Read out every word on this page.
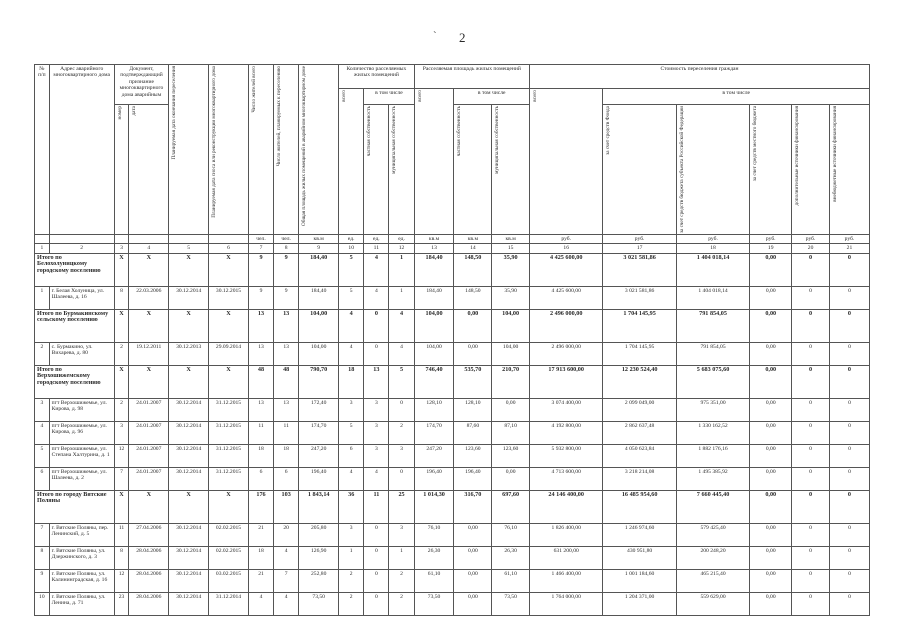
` 2
№ п/п	Адрес аварийного многоквартирного дома	Документ, подтверждающий признание многоквартирного дома аварийным		Планируемая дата окончания переселения	Планируемая дата сноса или реконструкции многоквартирного дома	Число жителей всего	Число жителей, планируемых к переселению	Общая площадь жилых помещений в аварийном многоквартирном доме	Количество расселяемых жилых помещений			Расселяемая площадь жилых помещений			Стоимость переселения граждан					

									всего	в том числе		всего	в том числе		всего	в том числе				

		номер	дата							частная собственность	муниципальная собственность		частная собственность	муниципальная собственность		за счет средств Фонда	за счет средств бюджета субъекта Российской Федерации	за счет средств местного бюджета	дополнительные источники финансирования	внебюджетные источники финансирования

						чел.	чел.	кв.м	ед.	ед.	ед.	кв.м	кв.м	кв.м	руб.	руб.	руб.	руб.	руб.	руб.
1	2	3	4	5	6	7	8	9	10	11	12	13	14	15	16	17	18	19	20	21
Итого по Белохолуницкому городскому поселению		X	X	X	X	9	9	184,40	5	4	1	184,40	148,50	35,90	4 425 600,00	3 021 581,86	1 404 018,14	0,00	0	0
1	г. Белая Холуница, ул. Шалеева, д. 16	8	22.03.2006	30.12.2014	30.12.2015	9	9	184,40	5	4	1	184,40	148,50	35,90	4 425 600,00	3 021 581,86	1 404 018,14	0,00	0	0
Итого по Бурмакинскому сельскому поселению		X	X	X	X	13	13	104,00	4	0	4	104,00	0,00	104,00	2 496 000,00	1 704 145,95	791 854,05	0,00	0	0
2	с. Бурмакино, ул. Вихарева, д. 80	2	19.12.2011	30.12.2013	29.09.2014	13	13	104,00	4	0	4	104,00	0,00	104,00	2 496 000,00	1 704 145,95	791 854,05	0,00	0	0
Итого по Верхошижемскому городскому поселению		X	X	X	X	48	48	790,70	18	13	5	746,40	535,70	210,70	17 913 600,00	12 230 524,40	5 683 075,60	0,00	0	0
3	пгт Верхошижемье, ул. Кирова, д. 98	2	24.01.2007	30.12.2014	31.12.2015	13	13	172,40	3	3	0	128,10	128,10	0,00	3 074 400,00	2 099 049,00	975 351,00	0,00	0	0
4	пгт Верхошижемье, ул. Кирова, д. 96	3	24.01.2007	30.12.2014	31.12.2015	11	11	174,70	5	3	2	174,70	87,60	87,10	4 192 800,00	2 862 637,48	1 330 162,52	0,00	0	0
5	пгт Верхошижемье, ул. Степана Халтурина, д. 1	12	24.01.2007	30.12.2014	31.12.2015	18	18	247,20	6	3	3	247,20	123,60	123,60	5 932 800,00	4 050 623,84	1 882 176,16	0,00	0	0
6	пгт Верхошижемье, ул. Шалеева, д. 2	7	24.01.2007	30.12.2014	31.12.2015	6	6	196,40	4	4	0	196,40	196,40	0,00	4 713 600,00	3 218 214,08	1 495 385,92	0,00	0	0
Итого по городу Вятские Поляны		X	X	X	X	176	103	1 843,14	36	11	25	1 014,30	316,70	697,60	24 146 400,00	16 485 954,60	7 660 445,40	0,00	0	0
7	г. Вятские Поляны, пер. Ленинский, д. 5	11	27.04.2006	30.12.2014	02.02.2015	21	20	205,80	3	0	3	76,10	0,00	76,10	1 826 400,00	1 246 974,60	579 425,40	0,00	0	0
8	г. Вятские Поляны, ул. Дзержинского, д. 3	8	28.04.2006	30.12.2014	02.02.2015	18	4	126,90	1	0	1	26,30	0,00	26,30	631 200,00	430 951,80	200 248,20	0,00	0	0
9	г. Вятские Поляны, ул. Калининградская, д. 16	12	28.04.2006	30.12.2014	03.02.2015	21	7	252,80	2	0	2	61,10	0,00	61,10	1 466 400,00	1 001 184,60	465 215,40	0,00	0	0
10	г. Вятские Поляны, ул. Ленина, д. 71	23	28.04.2006	30.12.2014	31.12.2014	4	4	73,50	2	0	2	73,50	0,00	73,50	1 764 000,00	1 204 371,00	559 629,00	0,00	0	0
